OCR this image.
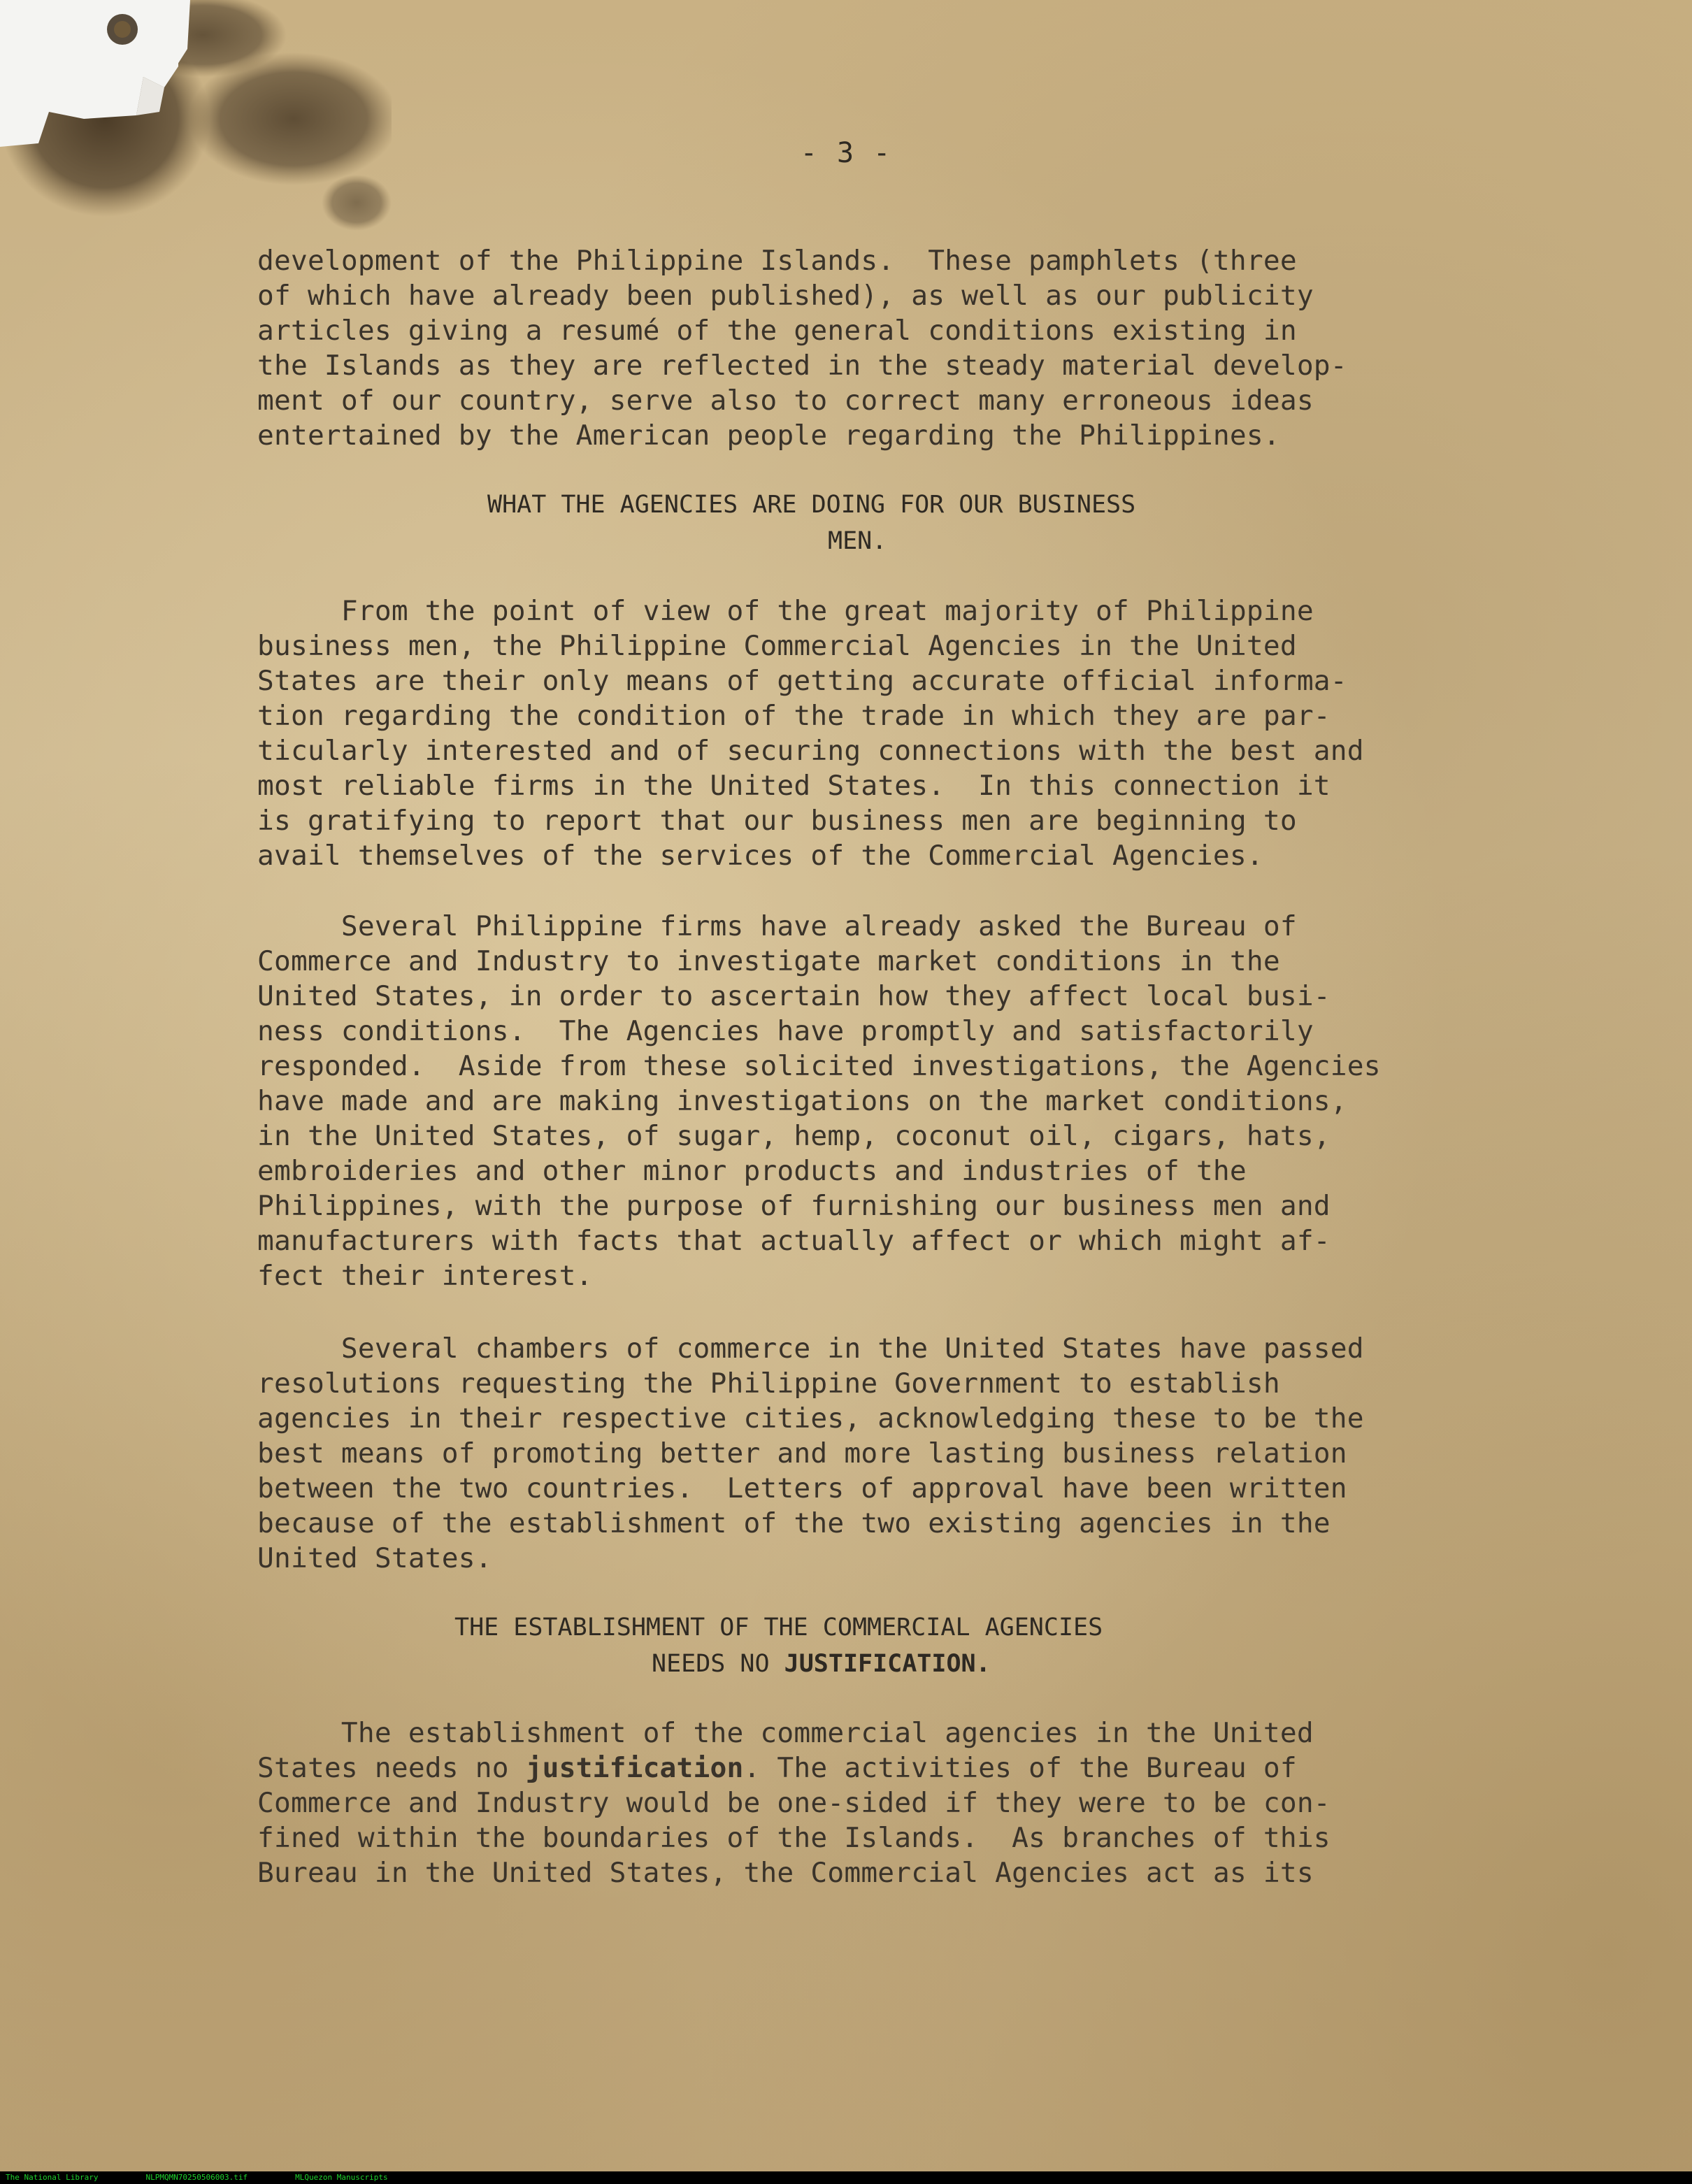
- 3 -

development of the Philippine Islands.  These pamphlets (three
of which have already been published), as well as our publicity
articles giving a resumé of the general conditions existing in
the Islands as they are reflected in the steady material develop-
ment of our country, serve also to correct many erroneous ideas
entertained by the American people regarding the Philippines.

WHAT THE AGENCIES ARE DOING FOR OUR BUSINESS

MEN.

From the point of view of the great majority of Philippine
business men, the Philippine Commercial Agencies in the United
States are their only means of getting accurate official informa-
tion regarding the condition of the trade in which they are par-
ticularly interested and of securing connections with the best and
most reliable firms in the United States.  In this connection it
is gratifying to report that our business men are beginning to
avail themselves of the services of the Commercial Agencies.

Several Philippine firms have already asked the Bureau of
Commerce and Industry to investigate market conditions in the
United States, in order to ascertain how they affect local busi-
ness conditions.  The Agencies have promptly and satisfactorily
responded.  Aside from these solicited investigations, the Agencies
have made and are making investigations on the market conditions,
in the United States, of sugar, hemp, coconut oil, cigars, hats,
embroideries and other minor products and industries of the
Philippines, with the purpose of furnishing our business men and
manufacturers with facts that actually affect or which might af-
fect their interest.

Several chambers of commerce in the United States have passed
resolutions requesting the Philippine Government to establish
agencies in their respective cities, acknowledging these to be the
best means of promoting better and more lasting business relation
between the two countries.  Letters of approval have been written
because of the establishment of the two existing agencies in the
United States.

THE ESTABLISHMENT OF THE COMMERCIAL AGENCIES

NEEDS NO JUSTIFICATION.

The establishment of the commercial agencies in the United

States needs no justification. The activities of the Bureau of

Commerce and Industry would be one-sided if they were to be con-
fined within the boundaries of the Islands.  As branches of this
Bureau in the United States, the Commercial Agencies act as its

The National Library	NLPMQMN70250506003.tif	MLQuezon Manuscripts
